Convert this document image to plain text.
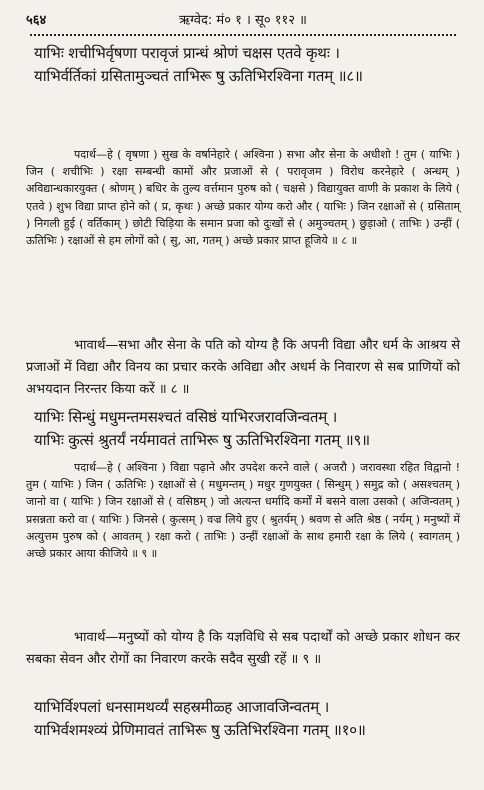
५६४	ऋग्वेद: मं० १ । सू० ११२ ॥
याभिः शचीभिर्वृषणा परावृजं प्रान्धं श्रोणं चक्षस एतवे कृथः ।
याभिर्वर्तिकां ग्रसितामुञ्चतं ताभिरू षु ऊतिभिरश्विना गतम् ॥८॥
पदार्थ—हे ( वृषणा ) सुख के वर्षानेहारे ( अश्विना ) सभा और सेना के अधीशो ! तुम ( याभिः ) जिन ( शचीभिः ) रक्षा सम्बन्धी कामों और प्रजाओं से ( परावृजम ) विरोध करनेहारे ( अन्धम् ) अविद्यान्धकारयुक्त ( श्रोणम् ) बधिर के तुल्य वर्त्तमान पुरुष को ( चक्षसे ) विद्यायुक्त वाणी के प्रकाश के लिये ( एतवे ) शुभ विद्या प्राप्त होने को ( प्र, कृथः ) अच्छे प्रकार योग्य करो और ( याभिः ) जिन रक्षाओं से ( ग्रसिताम् ) निगली हुई ( वर्तिकाम् ) छोटी चिड़िया के समान प्रजा को दुःखों से ( अमुञ्चतम् ) छुड़ाओ ( ताभिः ) उन्हीं ( ऊतिभिः ) रक्षाओं से हम लोगों को ( सु, आ, गतम् ) अच्छे प्रकार प्राप्त हूजिये ॥ ८ ॥
भावार्थ—सभा और सेना के पति को योग्य है कि अपनी विद्या और धर्म के आश्रय से प्रजाओं में विद्या और विनय का प्रचार करके अविद्या और अधर्म के निवारण से सब प्राणियों को अभयदान निरन्तर किया करें ॥ ८ ॥
याभिः सिन्धुं मधुमन्तमसश्चतं वसिष्ठं याभिरजरावजिन्वतम् ।
याभिः कुत्सं श्रुतर्यं नर्यमावतं ताभिरू षु ऊतिभिरश्विना गतम् ॥९॥
पदार्थ—हे ( अश्विना ) विद्या पढ़ाने और उपदेश करने वाले ( अजरौ ) जरावस्था रहित विद्वानो ! तुम ( याभिः ) जिन ( ऊतिभिः ) रक्षाओं से ( मधुमन्तम् ) मधुर गुणयुक्त ( सिन्धुम् ) समुद्र को ( असश्चतम् ) जानो वा ( याभिः ) जिन रक्षाओं से ( वसिष्ठम् ) जो अत्यन्त धर्मादि कर्मों में बसने वाला उसको ( अजिन्वतम् ) प्रसन्नता करो वा ( याभिः ) जिनसे ( कुत्सम् ) वज्र लिये हुए ( श्रुतर्यम् ) श्रवण से अति श्रेष्ठ ( नर्यम् ) मनुष्यों में अत्युत्तम पुरुष को ( आवतम् ) रक्षा करो ( ताभिः ) उन्हीं रक्षाओं के साथ हमारी रक्षा के लिये ( स्वागतम् ) अच्छे प्रकार आया कीजिये ॥ ९ ॥
भावार्थ—मनुष्यों को योग्य है कि यज्ञविधि से सब पदार्थों को अच्छे प्रकार शोधन कर सबका सेवन और रोगों का निवारण करके सदैव सुखी रहें ॥ ९ ॥
याभिर्विश्पलां धनसामथर्व्यं सहस्रमीळ्ह आजावजिन्वतम् ।
याभिर्वशमश्व्यं प्रेणिमावतं ताभिरू षु ऊतिभिरश्विना गतम् ॥१०॥
